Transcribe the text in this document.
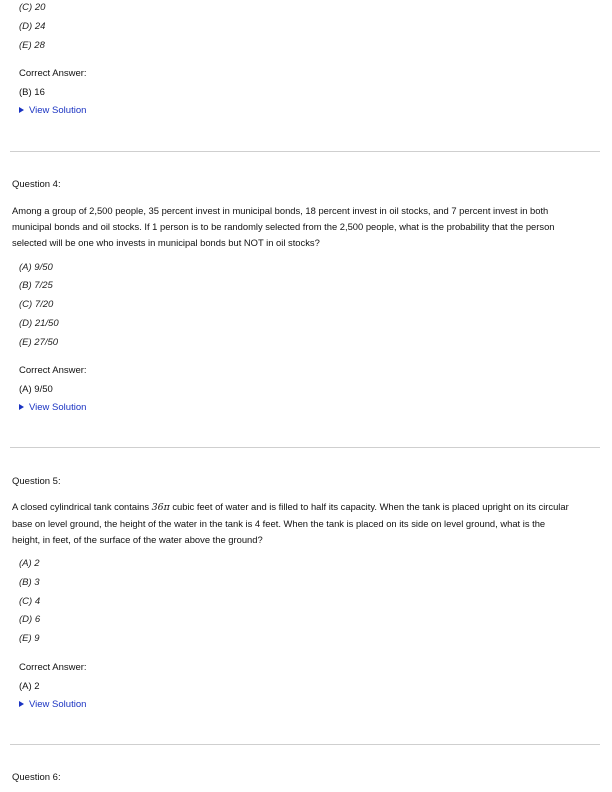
(C) 20
(D) 24
(E) 28
Correct Answer:
(B) 16
View Solution
Question 4:
Among a group of 2,500 people, 35 percent invest in municipal bonds, 18 percent invest in oil stocks, and 7 percent invest in both
municipal bonds and oil stocks. If 1 person is to be randomly selected from the 2,500 people, what is the probability that the person
selected will be one who invests in municipal bonds but NOT in oil stocks?
(A) 9/50
(B) 7/25
(C) 7/20
(D) 21/50
(E) 27/50
Correct Answer:
(A) 9/50
View Solution
Question 5:
A closed cylindrical tank contains 36π cubic feet of water and is filled to half its capacity. When the tank is placed upright on its circular
base on level ground, the height of the water in the tank is 4 feet. When the tank is placed on its side on level ground, what is the
height, in feet, of the surface of the water above the ground?
(A) 2
(B) 3
(C) 4
(D) 6
(E) 9
Correct Answer:
(A) 2
View Solution
Question 6:
